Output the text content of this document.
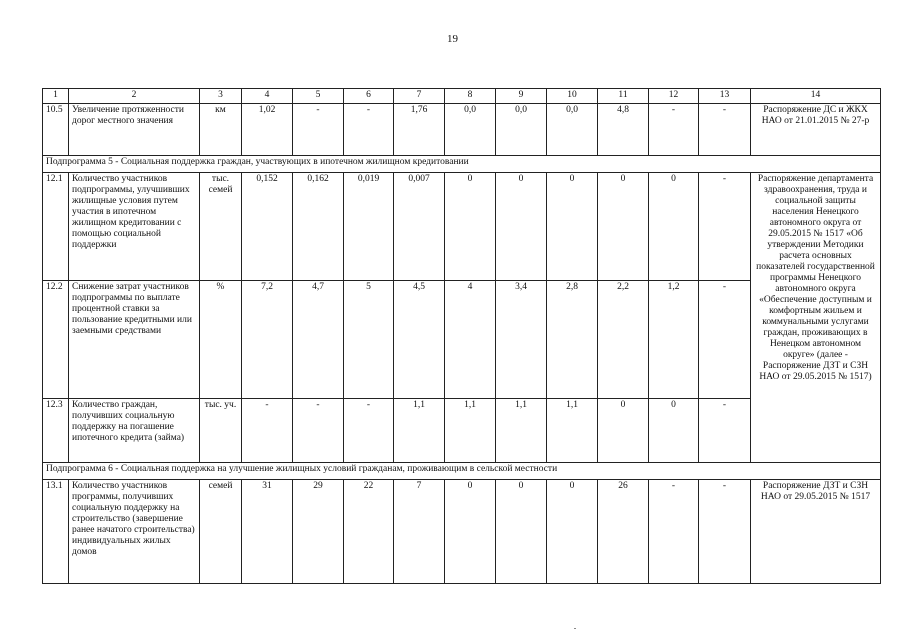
19
1	2	3	4	5	6	7	8	9	10	11	12	13	14
10.5	Увеличение протяженности дорог местного значения	км	1,02	-	-	1,76	0,0	0,0	0,0	4,8	-	-	Распоряжение ДС и ЖКХ НАО от 21.01.2015 № 27-р
Подпрограмма 5 - Социальная поддержка граждан, участвующих в ипотечном жилищном кредитовании													
12.1	Количество участников подпрограммы, улучшивших жилищные условия путем участия в ипотечном жилищном кредитовании с помощью социальной поддержки	тыс. семей	0,152	0,162	0,019	0,007	0	0	0	0	0	-	Распоряжение департамента здравоохранения, труда и социальной защиты населения Ненецкого автономного округа от 29.05.2015 № 1517 «Об утверждении Методики расчета основных показателей государственной программы Ненецкого автономного округа «Обеспечение доступным и комфортным жильем и коммунальными услугами граждан, проживающих в Ненецком автономном округе» (далее - Распоряжение ДЗТ и СЗН НАО от 29.05.2015 № 1517)
12.2	Снижение затрат участников подпрограммы по выплате процентной ставки за пользование кредитными или заемными средствами	%	7,2	4,7	5	4,5	4	3,4	2,8	2,2	1,2	-	
12.3	Количество граждан, получивших социальную поддержку на погашение ипотечного кредита (займа)	тыс. уч.	-	-	-	1,1	1,1	1,1	1,1	0	0	-	
Подпрограмма 6 - Социальная поддержка на улучшение жилищных условий гражданам, проживающим в сельской местности													
13.1	Количество участников программы, получивших социальную поддержку на строительство (завершение ранее начатого строительства) индивидуальных жилых домов	семей	31	29	22	7	0	0	0	26	-	-	Распоряжение ДЗТ и СЗН НАО от 29.05.2015 № 1517
